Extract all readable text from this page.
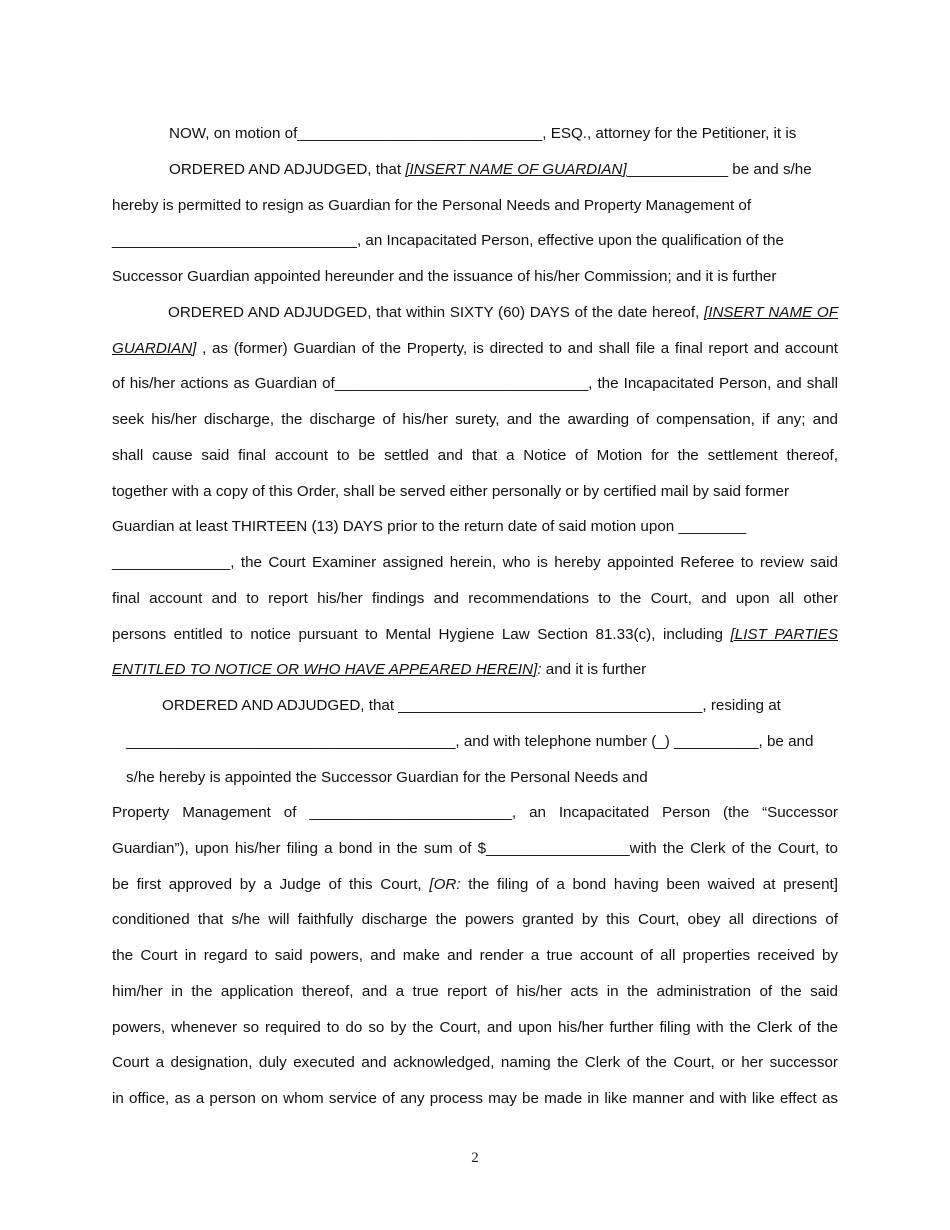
NOW, on motion of_____________________________, ESQ., attorney for the Petitioner, it is
ORDERED AND ADJUDGED, that [INSERT NAME OF GUARDIAN]____________ be and s/he
hereby is permitted to resign as Guardian for the Personal Needs and Property Management of
_____________________________, an Incapacitated Person, effective upon the qualification of the
Successor Guardian appointed hereunder and the issuance of his/her Commission; and it is further
ORDERED AND ADJUDGED, that within SIXTY (60) DAYS of the date hereof, [INSERT NAME OF
GUARDIAN] , as (former) Guardian of the Property, is directed to and shall file a final report and account
of his/her actions as Guardian of______________________________, the Incapacitated Person, and shall
seek his/her discharge, the discharge of his/her surety, and the awarding of compensation, if any; and
shall cause said final account to be settled and that a Notice of Motion for the settlement thereof,
together with a copy of this Order, shall be served either personally or by certified mail by said former
Guardian at least THIRTEEN (13) DAYS prior to the return date of said motion upon ________
______________, the Court Examiner assigned herein, who is hereby appointed Referee to review said
final account and to report his/her findings and recommendations to the Court, and upon all other
persons entitled to notice pursuant to Mental Hygiene Law Section 81.33(c), including [LIST PARTIES
ENTITLED TO NOTICE OR WHO HAVE APPEARED HEREIN]: and it is further
ORDERED AND ADJUDGED, that ____________________________________, residing at
_______________________________________, and with telephone number (_) __________, be and
s/he hereby is appointed the Successor Guardian for the Personal Needs and
Property Management of ________________________, an Incapacitated Person (the “Successor
Guardian”), upon his/her filing a bond in the sum of $_________________with the Clerk of the Court, to
be first approved by a Judge of this Court, [OR: the filing of a bond having been waived at present]
conditioned that s/he will faithfully discharge the powers granted by this Court, obey all directions of
the Court in regard to said powers, and make and render a true account of all properties received by
him/her in the application thereof, and a true report of his/her acts in the administration of the said
powers, whenever so required to do so by the Court, and upon his/her further filing with the Clerk of the
Court a designation, duly executed and acknowledged, naming the Clerk of the Court, or her successor
in office, as a person on whom service of any process may be made in like manner and with like effect as
2
